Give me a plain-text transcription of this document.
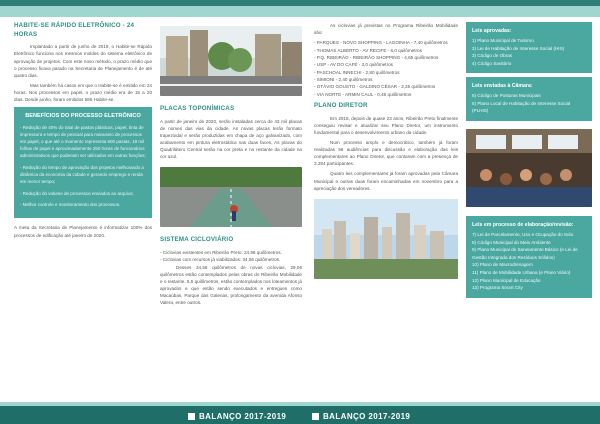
HABITE-SE RÁPIDO ELETRÔNICO - 24 HORAS

Implantado a partir de junho de 2019, o Habite-se Rápido Eletrônico funciona nos mesmos moldes do sistema eletrônico de aprovação de projetos. Com este novo método, o prazo médio que o processo ficava parado na Secretaria de Planejamento é de até quatro dias.

Mas também há casos em que o Habite-se é emitido em 24 horas. Nos processos em papel, o prazo médio era de 15 a 20 dias. Desde junho, foram emitidos 585 Habite-se.

BENEFÍCIOS DO PROCESSO ELETRÔNICO

- Redução de 40% do total de pastas plásticas, papel, tinta de impressora e tempo de pessoal para manuseio de processos em papel, o que até o momento representa 600 pastas, 18 mil folhas de papel e aproximadamente 250 horas de funcionários administrativos que poderiam ser utilizados em outras funções;

- Redução do tempo de aprovação dos projetos melhorando a dinâmica da economia da cidade e gerando emprego e renda em menor tempo;

- Redução do volume de processos enviados ao arquivo;

- Melhor controle e monitoramento dos processos.

A meta da Secretaria de Planejamento é informatizar 100% dos processos de edificação até janeiro de 2020.

PLACAS TOPONÍMICAS

A partir de janeiro de 2020, serão instaladas cerca de 43 mil placas de nomes das vias da cidade. As novas placas terão formato trapezoidal e serão produzidas em chapa de aço galvanizado, com acabamento em pintura eletrostática nas duas faces. As placas do Quadrilátero Central serão na cor preta e no restante da cidade na cor azul.

SISTEMA CICLOVIÁRIO
- Ciclovias existentes em Ribeirão Preto: 24,98 quilômetros.
- Ciclovias com recursos já viabilizados: 34,56 quilômetros.

Desses 34,56 quilômetros de novas ciclovias, 29,06 quilômetros estão contemplados pelas obras do Ribeirão Mobilidade e o restante, 5,5 quilômetros, estão contemplados nos loteamentos já aprovados e que estão sendo executados e entregues como Macaúbas, Parque das Galerias, prolongamento da avenida Afonso Valera, entre outros.

As ciclovias já previstas no Programa Ribeirão Mobilidade são:

- PARQUES - NOVO SHOPPING - LAGOINHA - 7,40 quilômetros
- THOMAS ALBERTO - AV RECIFE - 6,0 quilômetros
- P.Q. RIBEIRÃO - RIBEIRÃO SHOPPING - 4,65 quilômetros
- USP - AV DO CAFÉ - 3,0 quilômetros
- PASCHOAL INNECHI - 2,80 quilômetros
- SIMIONI - 2,40 quilômetros
- OTÁVIO GOUSTO - GALDINO CÉSAR - 2,35 quilômetros
- VIA NORTE - ARMIN CAUL - 0,46 quilômetros
PLANO DIRETOR

Em 2018, depois de quase 23 anos, Ribeirão Preto finalmente conseguiu revisar e atualizar seu Plano Diretor, um instrumento fundamental para o desenvolvimento urbano da cidade.

Num processo amplo e democrático, também já foram realizadas 96 audiências para discussão e elaboração das leis complementares ao Plano Diretor, que contaram com a presença de 3.284 participantes.

Quatro leis complementares já foram aprovadas pela Câmara Municipal e outras duas foram encaminhadas em novembro para a apreciação dos vereadores.

Leis aprovadas:
1) Plano Municipal de Turismo
2) Lei de Habitação de Interesse Social (HIS)
3) Código de Obras
4) Código Sanitário
Leis enviadas à Câmara:
5) Código de Posturas Municipais
6) Plano Local de Habitação de Interesse Social (PLHIS)
Leis em processo de elaboração/revisão:
7) Lei de Parcelamento, Uso e Ocupação do Solo
8) Código Municipal do Meio Ambiente
9) Plano Municipal de Saneamento Básico (e Lei de Gestão Integrada dos Resíduos Sólidos)
10) Plano de Macrodrenagem
11) Plano de Mobilidade Urbana (e Plano Viário)
12) Plano Municipal de Educação
13) Programa Smart City
BALANÇO 2017-2019	BALANÇO 2017-2019
